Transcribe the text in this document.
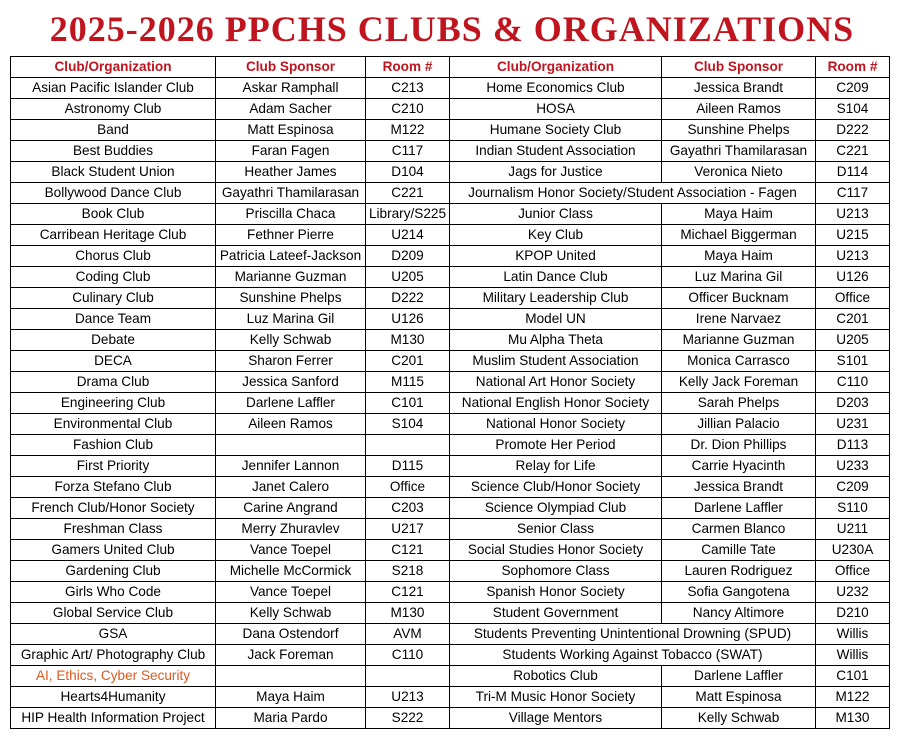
2025-2026 PPCHS CLUBS & ORGANIZATIONS
Club/Organization	Club Sponsor	Room #	Club/Organization	Club Sponsor	Room #
Asian Pacific Islander Club	Askar Ramphall	C213	Home Economics Club	Jessica Brandt	C209
Astronomy Club	Adam Sacher	C210	HOSA	Aileen Ramos	S104
Band	Matt Espinosa	M122	Humane Society Club	Sunshine Phelps	D222
Best Buddies	Faran Fagen	C117	Indian Student Association	Gayathri Thamilarasan	C221
Black Student Union	Heather James	D104	Jags for Justice	Veronica Nieto	D114
Bollywood Dance Club	Gayathri Thamilarasan	C221	Journalism Honor Society/Student Association - Fagen		C117
Book Club	Priscilla Chaca	Library/S225	Junior Class	Maya Haim	U213
Carribean Heritage Club	Fethner Pierre	U214	Key Club	Michael Biggerman	U215
Chorus Club	Patricia Lateef-Jackson	D209	KPOP United	Maya Haim	U213
Coding Club	Marianne Guzman	U205	Latin Dance Club	Luz Marina Gil	U126
Culinary Club	Sunshine Phelps	D222	Military Leadership Club	Officer Bucknam	Office
Dance Team	Luz Marina Gil	U126	Model UN	Irene Narvaez	C201
Debate	Kelly Schwab	M130	Mu Alpha Theta	Marianne Guzman	U205
DECA	Sharon Ferrer	C201	Muslim Student Association	Monica Carrasco	S101
Drama Club	Jessica Sanford	M115	National Art Honor Society	Kelly Jack Foreman	C110
Engineering Club	Darlene Laffler	C101	National English Honor Society	Sarah Phelps	D203
Environmental Club	Aileen Ramos	S104	National Honor Society	Jillian Palacio	U231
Fashion Club			Promote Her Period	Dr. Dion Phillips	D113
First Priority	Jennifer Lannon	D115	Relay for Life	Carrie Hyacinth	U233
Forza Stefano Club	Janet Calero	Office	Science Club/Honor Society	Jessica Brandt	C209
French Club/Honor Society	Carine Angrand	C203	Science Olympiad Club	Darlene Laffler	S110
Freshman Class	Merry Zhuravlev	U217	Senior Class	Carmen Blanco	U211
Gamers United Club	Vance Toepel	C121	Social Studies Honor Society	Camille Tate	U230A
Gardening Club	Michelle McCormick	S218	Sophomore Class	Lauren Rodriguez	Office
Girls Who Code	Vance Toepel	C121	Spanish Honor Society	Sofia Gangotena	U232
Global Service Club	Kelly Schwab	M130	Student Government	Nancy Altimore	D210
GSA	Dana Ostendorf	AVM	Students Preventing Unintentional Drowning (SPUD)		Willis
Graphic Art/ Photography Club	Jack Foreman	C110	Students Working Against Tobacco (SWAT)		Willis
AI, Ethics, Cyber Security			Robotics Club	Darlene Laffler	C101
Hearts4Humanity	Maya Haim	U213	Tri-M Music Honor Society	Matt Espinosa	M122
HIP Health Information Project	Maria Pardo	S222	Village Mentors	Kelly Schwab	M130
